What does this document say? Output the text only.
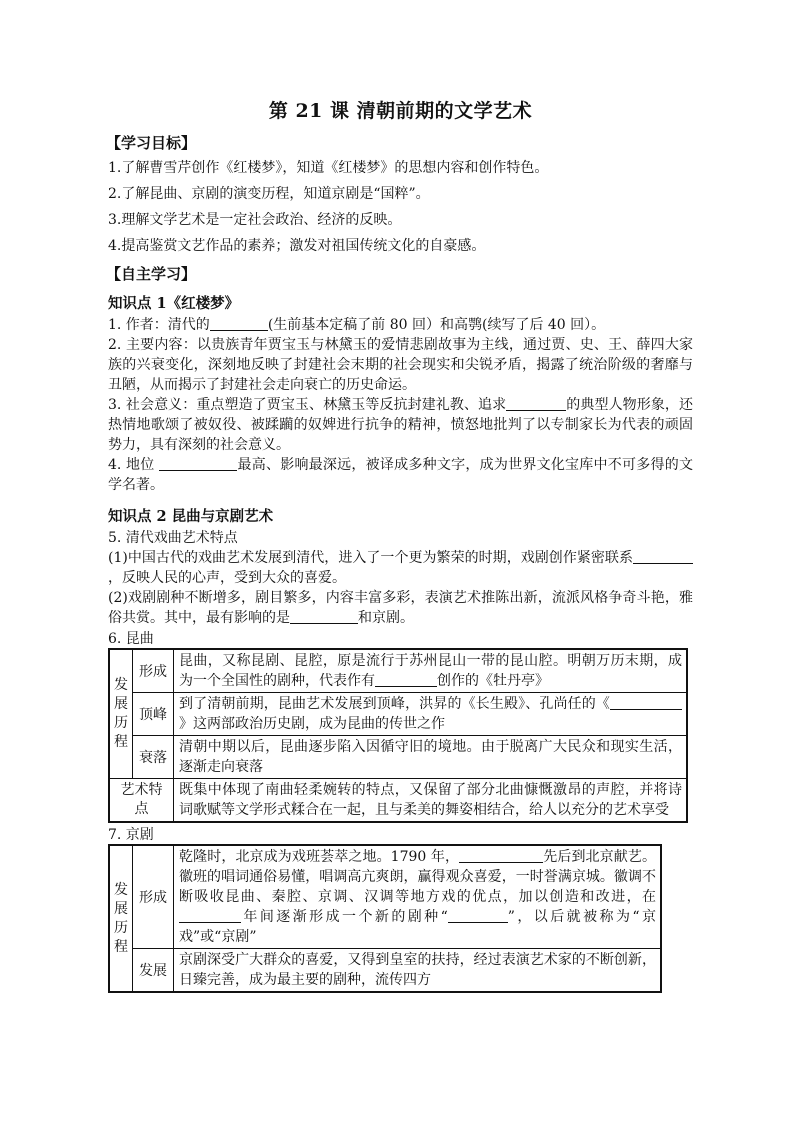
第 21 课 清朝前期的文学艺术
【学习目标】
1.了解曹雪芹创作《红楼梦》，知道《红楼梦》的思想内容和创作特色。
2.了解昆曲、京剧的演变历程，知道京剧是“国粹”。
3.理解文学艺术是一定社会政治、经济的反映。
4.提高鉴赏文艺作品的素养；激发对祖国传统文化的自豪感。
【自主学习】
知识点 1《红楼梦》

1. 作者：清代的	(生前基本定稿了前 80 回）和高鹗(续写了后 40 回）。

2. 主要内容：以贵族青年贾宝玉与林黛玉的爱情悲剧故事为主线，通过贾、史、王、薛四大家族的兴衰变化，深刻地反映了封建社会末期的社会现实和尖锐矛盾，揭露了统治阶级的奢靡与丑陋，从而揭示了封建社会走向衰亡的历史命运。

3. 社会意义：重点塑造了贾宝玉、林黛玉等反抗封建礼教、追求	的典型人物形象，还热情地歌颂了被奴役、被蹂躏的奴婢进行抗争的精神，愤怒地批判了以专制家长为代表的顽固势力，具有深刻的社会意义。

4. 地位	最高、影响最深远，被译成多种文字，成为世界文化宝库中不可多得的文学名著。

知识点 2 昆曲与京剧艺术

5. 清代戏曲艺术特点

(1)中国古代的戏曲艺术发展到清代，进入了一个更为繁荣的时期，戏剧创作紧密联系，反映人民的心声，受到大众的喜爱。

(2)戏剧剧种不断增多，剧目繁多，内容丰富多彩，表演艺术推陈出新，流派风格争奇斗艳，雅俗共赏。其中，最有影响的是	和京剧。

6. 昆曲
发
展
历
程	形成	昆曲，又称昆剧、昆腔，原是流行于苏州昆山一带的昆山腔。明朝万历末期，成为一个全国性的剧种，代表作有 创作的《牡丹亭》
	顶峰	到了清朝前期，昆曲艺术发展到顶峰，洪昇的《长生殿》、孔尚任的《》这两部政治历史剧，成为昆曲的传世之作
	衰落	清朝中期以后，昆曲逐步陷入因循守旧的境地。由于脱离广大民众和现实生活，逐渐走向衰落

艺术特
点		既集中体现了南曲轻柔婉转的特点，又保留了部分北曲慷慨激昂的声腔，并将诗词歌赋等文学形式糅合在一起，且与柔美的舞姿相结合，给人以充分的艺术享受
7. 京剧
发
展
历
程	形成	乾隆时，北京成为戏班荟萃之地。1790 年， 先后到北京献艺。徽班的唱词通俗易懂，唱调高亢爽朗，赢得观众喜爱，一时誉满京城。徽调不断吸收昆曲、秦腔、京调、汉调等地方戏的优点，加以创造和改进，在年间逐渐形成一个新的剧种“ ”，以后就被称为“京戏”或“京剧”
	发展	京剧深受广大群众的喜爱，又得到皇室的扶持，经过表演艺术家的不断创新，日臻完善，成为最主要的剧种，流传四方
